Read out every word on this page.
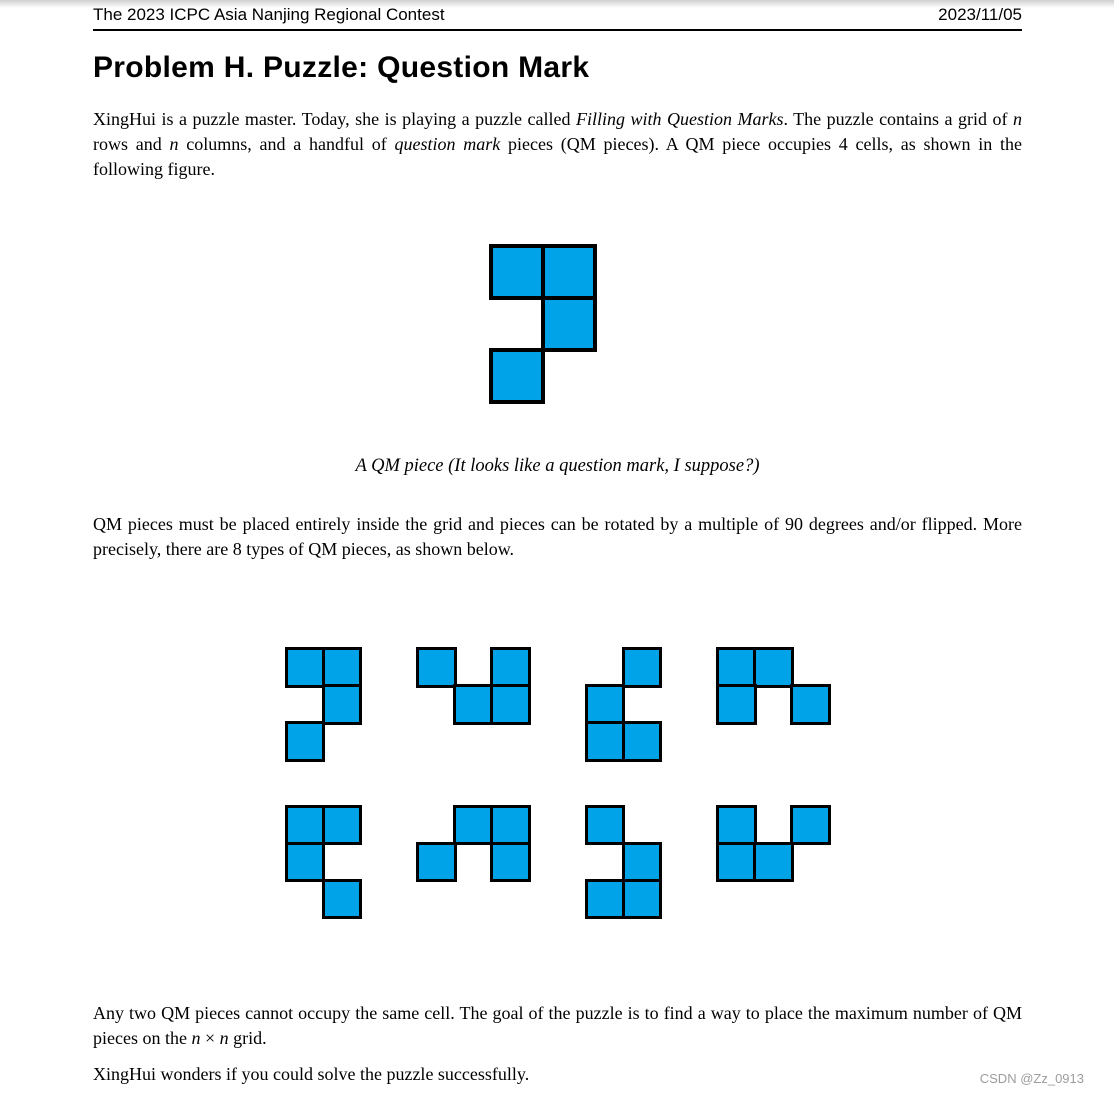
The 2023 ICPC Asia Nanjing Regional Contest	2023/11/05
Problem H. Puzzle: Question Mark
XingHui is a puzzle master. Today, she is playing a puzzle called Filling with Question Marks. The puzzle contains a grid of n rows and n columns, and a handful of question mark pieces (QM pieces). A QM piece occupies 4 cells, as shown in the following figure.
A QM piece (It looks like a question mark, I suppose?)
QM pieces must be placed entirely inside the grid and pieces can be rotated by a multiple of 90 degrees and/or flipped. More precisely, there are 8 types of QM pieces, as shown below.
Any two QM pieces cannot occupy the same cell. The goal of the puzzle is to find a way to place the maximum number of QM pieces on the n × n grid.
XingHui wonders if you could solve the puzzle successfully.	CSDN @Zz_0913
